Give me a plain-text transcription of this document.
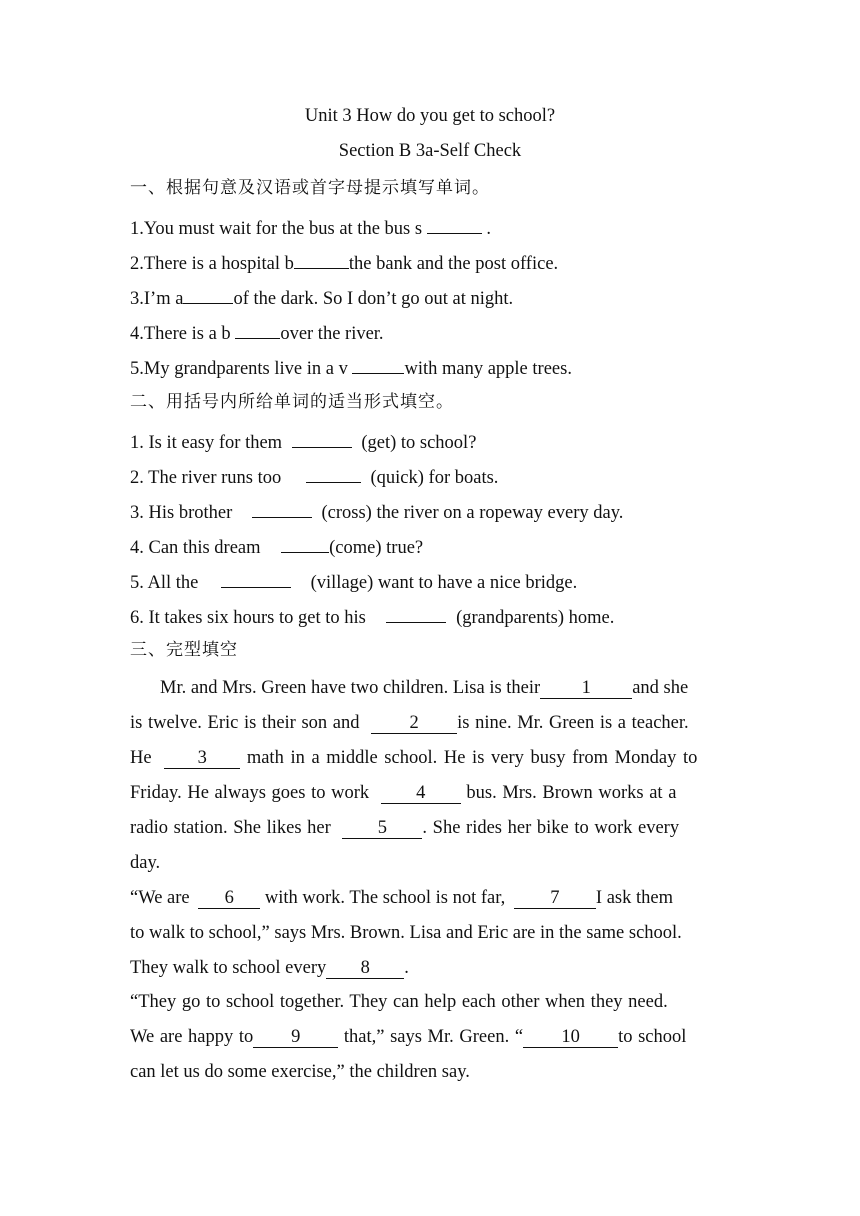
Unit 3 How do you get to school?
Section B 3a-Self Check
一、根据句意及汉语或首字母提示填写单词。
1.You must wait for the bus at the bus s	.
2.There is a hospital b	the bank and the post office.
3.I’m a	of the dark. So I don’t go out at night.
4.There is a b over the river.
5.My grandparents live in a v	with many apple trees.
二、用括号内所给单词的适当形式填空。
1. Is it easy for them	(get) to school?
2. The river runs too	(quick) for boats.
3. His brother	(cross) the river on a ropeway every day.
4. Can this dream	(come) true?
5. All the	(village) want to have a nice bridge.
6. It takes six hours to get to his	(grandparents) home.
三、完型填空
Mr. and Mrs. Green have two children. Lisa is their 1 and she
is twelve. Eric is their son and 2 is nine. Mr. Green is a teacher.
He 3 math in a middle school. He is very busy from Monday to
Friday. He always goes to work 4 bus. Mrs. Brown works at a
radio station. She likes her 5 . She rides her bike to work every
day.
“We are 6 with work. The school is not far, 7 I ask them
to walk to school,” says Mrs. Brown. Lisa and Eric are in the same school.
They walk to school every 8 .
“They go to school together. They can help each other when they need.
We are happy to 9 that,” says Mr. Green. “ 10 to school
can let us do some exercise,” the children say.
